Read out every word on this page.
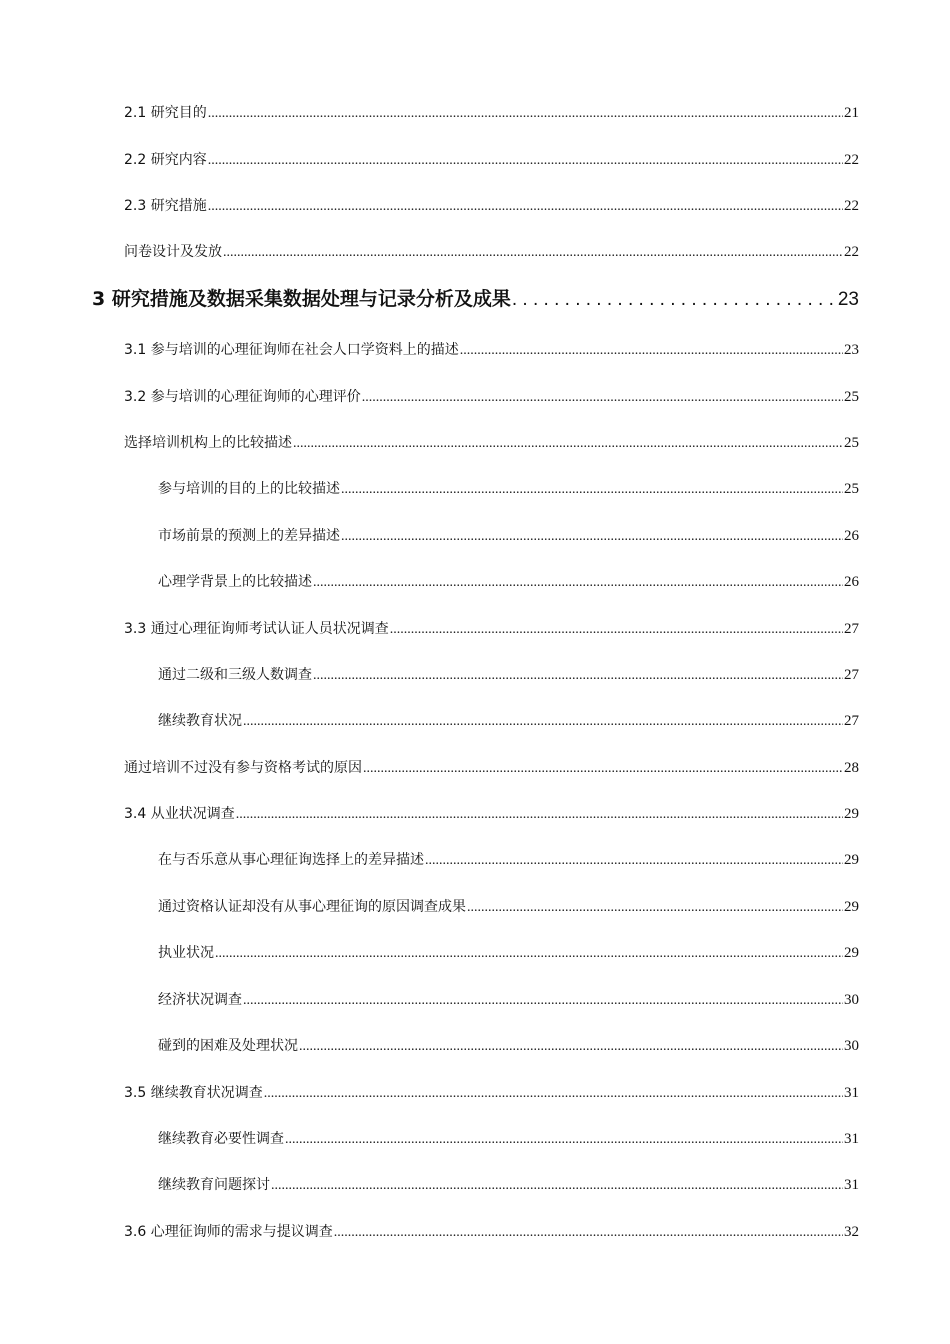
2.1 研究目的 .....	21
2.2 研究内容 .....	22
2.3 研究措施 .....	22
问卷设计及发放 .....	22
3 研究措施及数据采集数据处理与记录分析及成果 . . .	23
3.1 参与培训的心理征询师在社会人口学资料上的描述 .....	23
3.2 参与培训的心理征询师的心理评价 .....	25
选择培训机构上的比较描述 .....	25
参与培训的目的上的比较描述 .....	25
市场前景的预测上的差异描述 .....	26
心理学背景上的比较描述 .....	26
3.3 通过心理征询师考试认证人员状况调查 .....	27
通过二级和三级人数调查 .....	27
继续教育状况 .....	27
通过培训不过没有参与资格考试的原因 .....	28
3.4 从业状况调查 .....	29
在与否乐意从事心理征询选择上的差异描述 .....	29
通过资格认证却没有从事心理征询的原因调查成果 .....	29
执业状况 .....	29
经济状况调查 .....	30
碰到的困难及处理状况 .....	30
3.5 继续教育状况调查 .....	31
继续教育必要性调查 .....	31
继续教育问题探讨 .....	31
3.6 心理征询师的需求与提议调查 .....	32
